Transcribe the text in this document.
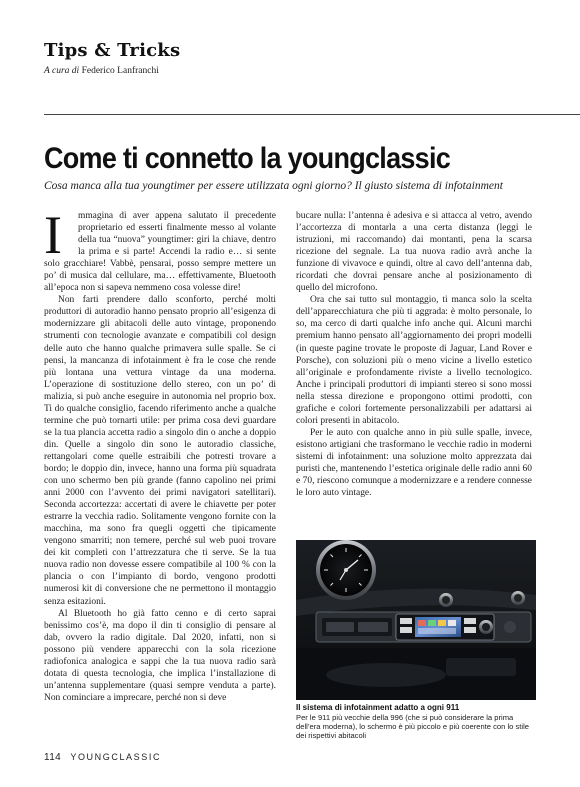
Tips & Tricks
A cura di Federico Lanfranchi
Come ti connetto la youngclassic
Cosa manca alla tua youngtimer per essere utilizzata ogni giorno? Il giusto sistema di infotainment
I	mmagina di aver appena salutato il precedente proprietario ed esserti finalmente messo al volante della tua “nuova” youngtimer: giri la chiave, dentro la prima e si parte! Accendi la radio e… si sente solo gracchiare! Vabbè, pensarai, posso sempre mettere un po’ di musica dal cellulare, ma… effettivamente, Bluetooth all’epoca non si sapeva nemmeno cosa volesse dire!

Non farti prendere dallo sconforto, perché molti produttori di autoradio hanno pensato proprio all’esigenza di modernizzare gli abitacoli delle auto vintage, proponendo strumenti con tecnologie avanzate e compatibili col design delle auto che hanno qualche primavera sulle spalle. Se ci pensi, la mancanza di infotainment è fra le cose che rende più lontana una vettura vintage da una moderna. L’operazione di sostituzione dello stereo, con un po’ di malizia, si può anche eseguire in autonomia nel proprio box. Ti do qualche consiglio, facendo riferimento anche a qualche termine che può tornarti utile: per prima cosa devi guardare se la tua plancia accetta radio a singolo din o anche a doppio din. Quelle a singolo din sono le autoradio classiche, rettangolari come quelle estraibili che potresti trovare a bordo; le doppio din, invece, hanno una forma più squadrata con uno schermo ben più grande (fanno capolino nei primi anni 2000 con l’avvento dei primi navigatori satellitari). Seconda accortezza: accertati di avere le chiavette per poter estrarre la vecchia radio. Solitamente vengono fornite con la macchina, ma sono fra quegli oggetti che tipicamente vengono smarriti; non temere, perché sul web puoi trovare dei kit completi con l’attrezzatura che ti serve. Se la tua nuova radio non dovesse essere compatibile al 100 % con la plancia o con l’impianto di bordo, vengono prodotti numerosi kit di conversione che ne permettono il montaggio senza esitazioni.

Al Bluetooth ho già fatto cenno e di certo saprai benissimo cos’è, ma dopo il din ti consiglio di pensare al dab, ovvero la radio digitale. Dal 2020, infatti, non si possono più vendere apparecchi con la sola ricezione radiofonica analogica e sappi che la tua nuova radio sarà dotata di questa tecnologia, che implica l’installazione di un’antenna supplementare (quasi sempre venduta a parte). Non cominciare a imprecare, perché non si deve

bucare nulla: l’antenna è adesiva e si attacca al vetro, avendo l’accortezza di montarla a una certa distanza (leggi le istruzioni, mi raccomando) dai montanti, pena la scarsa ricezione del segnale. La tua nuova radio avrà anche la funzione di vivavoce e quindi, oltre al cavo dell’antenna dab, ricordati che dovrai pensare anche al posizionamento di quello del microfono.

Ora che sai tutto sul montaggio, ti manca solo la scelta dell’apparecchiatura che più ti aggrada: è molto personale, lo so, ma cerco di darti qualche info anche qui. Alcuni marchi premium hanno pensato all’aggiornamento dei propri modelli (in queste pagine trovate le proposte di Jaguar, Land Rover e Porsche), con soluzioni più o meno vicine a livello estetico all’originale e profondamente riviste a livello tecnologico. Anche i principali produttori di impianti stereo si sono mossi nella stessa direzione e propongono ottimi prodotti, con grafiche e colori fortemente personalizzabili per adattarsi ai colori presenti in abitacolo.

Per le auto con qualche anno in più sulle spalle, invece, esistono artigiani che trasformano le vecchie radio in moderni sistemi di infotainment: una soluzione molto apprezzata dai puristi che, mantenendo l’estetica originale delle radio anni 60 e 70, riescono comunque a modernizzare e a rendere connesse le loro auto vintage.

Il sistema di infotainment adatto a ogni 911
Per le 911 più vecchie della 996 (che si può considerare la prima dell’era moderna), lo schermo è più piccolo e più coerente con lo stile dei rispettivi abitacoli
114 YOUNGCLASSIC
